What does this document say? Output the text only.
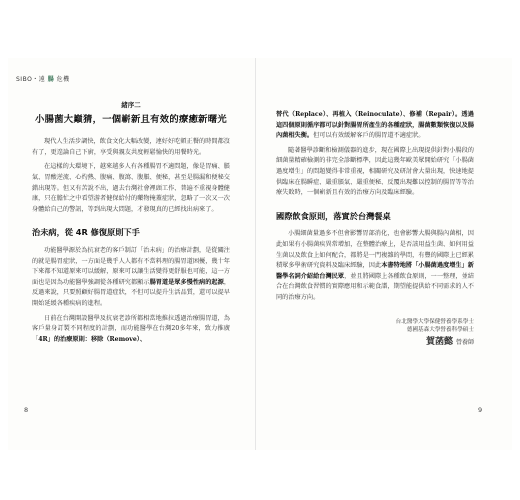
SIBO・遠 腸 危機
緒序二
小腸菌大巔猜，一個嶄新且有效的療癒新曙光

現代人生活步調快，飲食文化大幅改變，連好好吃頓正餐的時間都沒有了，更遑論自己下廚，享受與親友共度輕鬆愉快的用餐時光。

在這樣的大環境下，越來越多人有各種腸胃不適問題，像是胃痛、脹氣、胃酸逆流、心灼熱、腹痛、腹瀉、腹脹、便秘，甚至是腸漏和便秘交錯出現等。但又有苦說不出，過去台灣社會裡頭工作、普遍不重視身體健康，只在膽忙之中看望游者健保給付的藥物掩蓋症狀，忽略了一次又一次身體給自己的警訊，等到出現大問題，才發現真的已經找出病來了。

治未病，從 4R 修復原則下手

功能醫學源於為抗衰老的客戶制訂「治未病」的治療計劃，是從關注的就是腸胃症狀，一方面是幾乎人人都有不當料理的腸胃道困擾，幾十年下來都不知道原來可以緩解，原來可以讓生活變得更舒服也可能，這一方面也是因為功能醫學強調從各種研究都顯示腸胃道是眾多慢性病的起源，反過來說，只要照顧好腸胃道症狀，不但可以提升生活品質，還可以提早開始延緩各種疾病的進程。

日前在台灣開設醫學及抗衰老診所都相當地推拉透過治療腸胃道，為客戶量身訂製不同程度的計劃，而功能醫學在台灣20多年來，致力推廣「4R」的治療原則：移除（Remove）、

替代（Replace）、再植入（Reinoculate）、修補（Repair）。透過這四個原則循序都可以針對腸胃所產生的各種症狀，腸菌數類恢復以及腸內菌相失衡。但可以有效緩解客戶的腸胃道不適症狀。

隨著醫學診斷和檢測儀器的進步，現在國際上出現提供針對小腸段的細菌量精確檢測的非完全診斷標準，因此這幾年歐美眾開始研究「小腸菌過度增生」的問題變得非常重視，相關研究及研討會大量出現，快速地提供臨床在腸瞬症、嚴重脹氣、嚴重便秘、反覆出現難以控制的腸胃等等治療失敗時，一個嶄新且有效的治療方向及臨床經驗。

國際飲食原則，落實於台灣餐桌

小腸細菌量過多不但會影響胃部消化，也會影響大腸與腸內菌相，因此如果有小腸菌疾異常增加，在整體治療上，是否該用益生菌、如何用益生菌以及飲食上如何配合，都將是一門複雜的學問，有豐的國際上已經累積眾多學術研究資料及臨床經驗，因此本書特地將「小腸菌過度增生」新醫學名詞介紹給台灣民眾，並且將國際上各種飲食原則，一一整理，並結合在台灣飲食習慣的實際應用和示範食譜，期望能提供給不同需求的人不同的治療方向。

台北醫學大學保健營養學系學士
德國基森大學營養科學碩士
賀菡懿 營養師
8	9
